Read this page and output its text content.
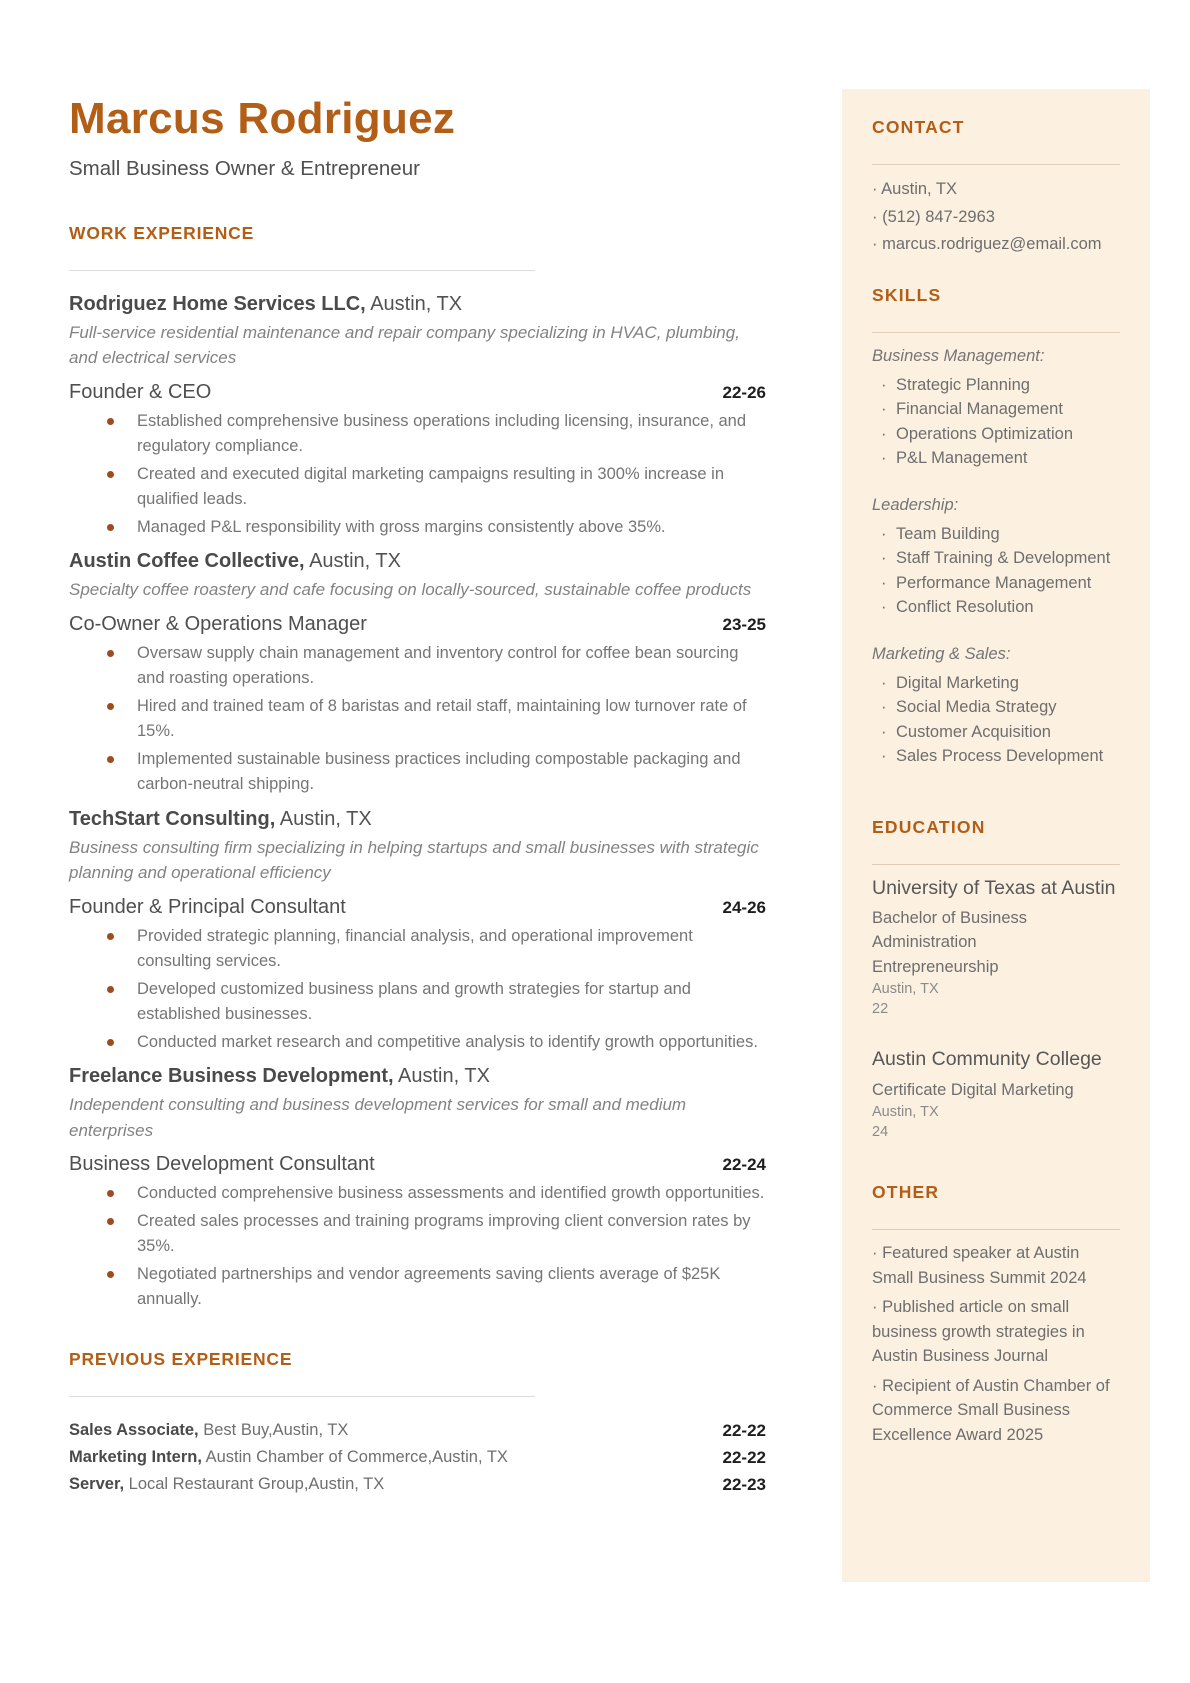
Marcus Rodriguez
Small Business Owner & Entrepreneur
WORK EXPERIENCE
Rodriguez Home Services LLC, Austin, TX
Full-service residential maintenance and repair company specializing in HVAC, plumbing, and electrical services
Founder & CEO	22-26
Established comprehensive business operations including licensing, insurance, and regulatory compliance.
Created and executed digital marketing campaigns resulting in 300% increase in qualified leads.
Managed P&L responsibility with gross margins consistently above 35%.
Austin Coffee Collective, Austin, TX
Specialty coffee roastery and cafe focusing on locally-sourced, sustainable coffee products
Co-Owner & Operations Manager	23-25
Oversaw supply chain management and inventory control for coffee bean sourcing and roasting operations.
Hired and trained team of 8 baristas and retail staff, maintaining low turnover rate of 15%.
Implemented sustainable business practices including compostable packaging and carbon-neutral shipping.
TechStart Consulting, Austin, TX
Business consulting firm specializing in helping startups and small businesses with strategic planning and operational efficiency
Founder & Principal Consultant	24-26
Provided strategic planning, financial analysis, and operational improvement consulting services.
Developed customized business plans and growth strategies for startup and established businesses.
Conducted market research and competitive analysis to identify growth opportunities.
Freelance Business Development, Austin, TX
Independent consulting and business development services for small and medium enterprises
Business Development Consultant	22-24
Conducted comprehensive business assessments and identified growth opportunities.
Created sales processes and training programs improving client conversion rates by 35%.
Negotiated partnerships and vendor agreements saving clients average of $25K annually.
PREVIOUS EXPERIENCE
Sales Associate, Best Buy,Austin, TX	22-22
Marketing Intern, Austin Chamber of Commerce,Austin, TX	22-22
Server, Local Restaurant Group,Austin, TX	22-23
CONTACT
· Austin, TX
· (512) 847-2963
· marcus.rodriguez@email.com
SKILLS
Business Management:
· Strategic Planning
· Financial Management
· Operations Optimization
· P&L Management
Leadership:
· Team Building
· Staff Training & Development
· Performance Management
· Conflict Resolution
Marketing & Sales:
· Digital Marketing
· Social Media Strategy
· Customer Acquisition
· Sales Process Development
EDUCATION
University of Texas at Austin
Bachelor of Business Administration
Entrepreneurship
Austin, TX
22
Austin Community College
Certificate Digital Marketing
Austin, TX
24
OTHER
· Featured speaker at Austin Small Business Summit 2024
· Published article on small business growth strategies in Austin Business Journal
· Recipient of Austin Chamber of Commerce Small Business Excellence Award 2025
